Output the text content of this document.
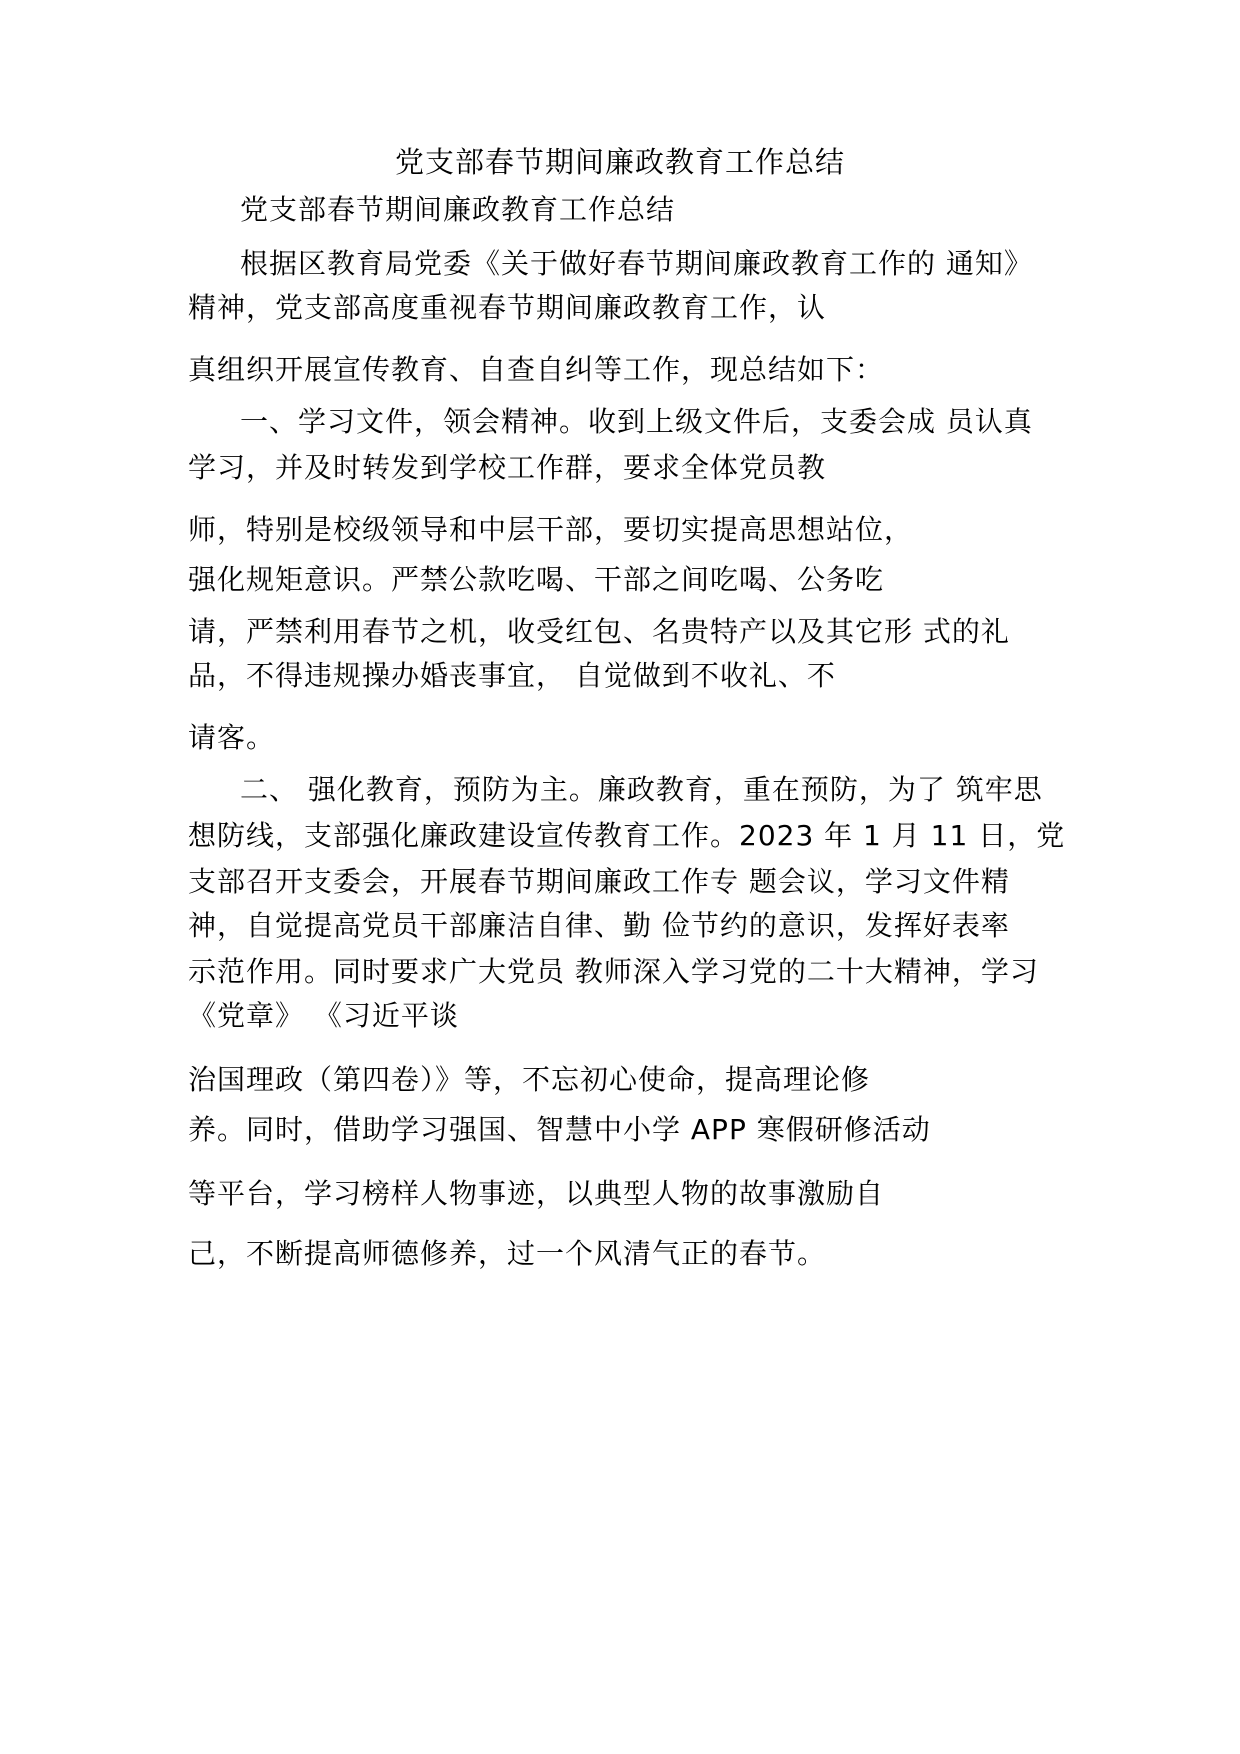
党支部春节期间廉政教育工作总结

党支部春节期间廉政教育工作总结

根据区教育局党委《关于做好春节期间廉政教育工作的 通知》

精神，党支部高度重视春节期间廉政教育工作，认

真组织开展宣传教育、自查自纠等工作，现总结如下：

一、学习文件，领会精神。收到上级文件后，支委会成 员认真

学习，并及时转发到学校工作群，要求全体党员教

师，特别是校级领导和中层干部，要切实提高思想站位，

强化规矩意识。严禁公款吃喝、干部之间吃喝、公务吃

请，严禁利用春节之机，收受红包、名贵特产以及其它形 式的礼

品，不得违规操办婚丧事宜， 自觉做到不收礼、不

请客。

二、 强化教育，预防为主。廉政教育，重在预防，为了 筑牢思

想防线，支部强化廉政建设宣传教育工作。2023 年 1 月 11 日，党

支部召开支委会，开展春节期间廉政工作专 题会议，学习文件精

神，自觉提高党员干部廉洁自律、勤 俭节约的意识，发挥好表率

示范作用。同时要求广大党员 教师深入学习党的二十大精神，学习

《党章》 《习近平谈

治国理政（第四卷）》等，不忘初心使命，提高理论修

养。同时，借助学习强国、智慧中小学 APP 寒假研修活动

等平台，学习榜样人物事迹，以典型人物的故事激励自

己，不断提高师德修养，过一个风清气正的春节。
